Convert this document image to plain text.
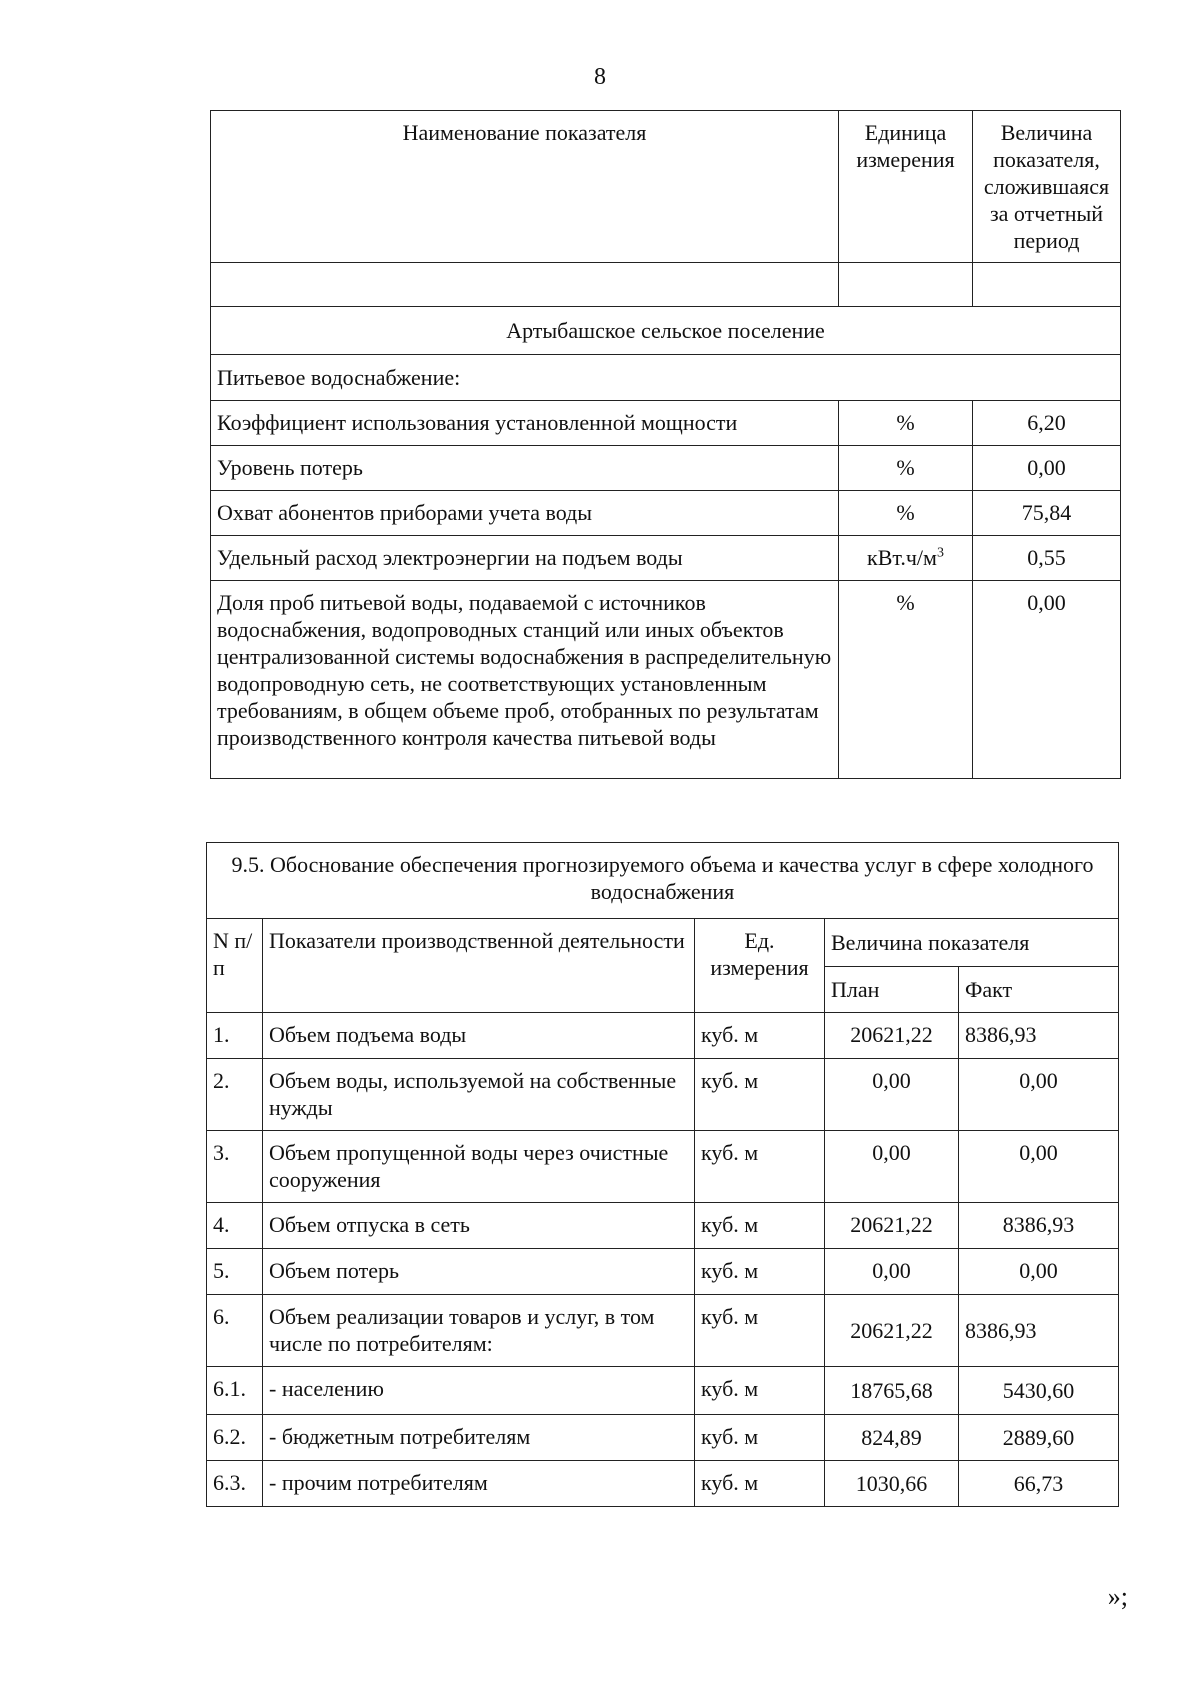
8
Наименование показателя	Единица измерения	Величина показателя, сложившаяся за отчетный период

Артыбашское сельское поселение		
Питьевое водоснабжение:		
Коэффициент использования установленной мощности	%	6,20
Уровень потерь	%	0,00
Охват абонентов приборами учета воды	%	75,84
Удельный расход электроэнергии на подъем воды	$кВт.ч/м^3$	0,55
Доля проб питьевой воды, подаваемой с источников водоснабжения, водопроводных станций или иных объектов централизованной системы водоснабжения в распределительную водопроводную сеть, не соответствующих установленным требованиям, в общем объеме проб, отобранных по результатам производственного контроля качества питьевой воды	%	0,00
9.5. Обоснование обеспечения прогнозируемого объема и качества услуг в сфере холодного водоснабжения				
N п/п	Показатели производственной деятельности	Ед. измерения	Величина показателя	
			План	Факт
1.	Объем подъема воды	куб. м	20621,22	8386,93
2.	Объем воды, используемой на собственные нужды	куб. м	0,00	0,00
3.	Объем пропущенной воды через очистные сооружения	куб. м	0,00	0,00
4.	Объем отпуска в сеть	куб. м	20621,22	8386,93
5.	Объем потерь	куб. м	0,00	0,00
6.	Объем реализации товаров и услуг, в том числе по потребителям:	куб. м	20621,22	8386,93
6.1.	- населению	куб. м	18765,68	5430,60
6.2.	- бюджетным потребителям	куб. м	824,89	2889,60
6.3.	- прочим потребителям	куб. м	1030,66	66,73
»;
